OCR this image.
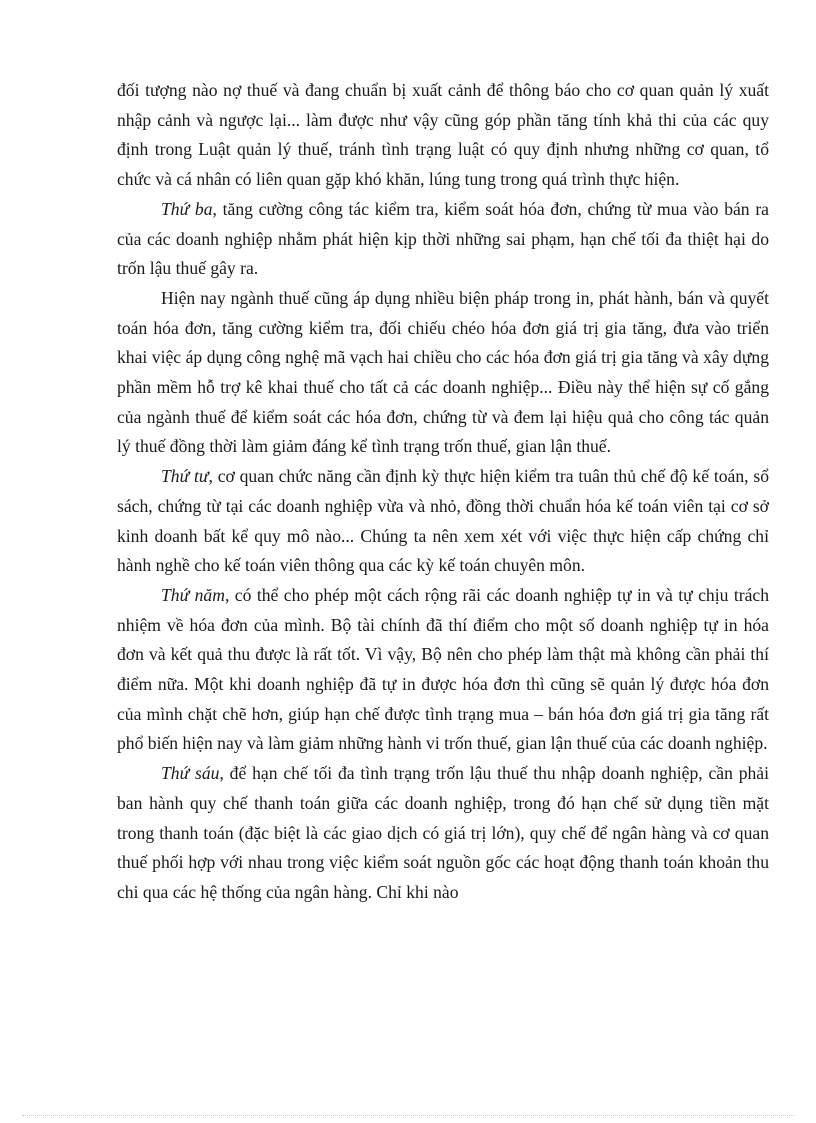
đối tượng nào nợ thuế và đang chuẩn bị xuất cảnh để thông báo cho cơ quan quản lý xuất nhập cảnh và ngược lại... làm được như vậy cũng góp phần tăng tính khả thi của các quy định trong Luật quản lý thuế, tránh tình trạng luật có quy định nhưng những cơ quan, tổ chức và cá nhân có liên quan gặp khó khăn, lúng tung trong quá trình thực hiện.

Thứ ba, tăng cường công tác kiểm tra, kiểm soát hóa đơn, chứng từ mua vào bán ra của các doanh nghiệp nhằm phát hiện kịp thời những sai phạm, hạn chế tối đa thiệt hại do trốn lậu thuế gây ra.

Hiện nay ngành thuế cũng áp dụng nhiều biện pháp trong in, phát hành, bán và quyết toán hóa đơn, tăng cường kiểm tra, đối chiếu chéo hóa đơn giá trị gia tăng, đưa vào triển khai việc áp dụng công nghệ mã vạch hai chiều cho các hóa đơn giá trị gia tăng và xây dựng phần mềm hỗ trợ kê khai thuế cho tất cả các doanh nghiệp... Điều này thể hiện sự cố gắng của ngành thuế để kiểm soát các hóa đơn, chứng từ và đem lại hiệu quả cho công tác quản lý thuế đồng thời làm giảm đáng kể tình trạng trốn thuế, gian lận thuế.

Thứ tư, cơ quan chức năng cần định kỳ thực hiện kiểm tra tuân thủ chế độ kế toán, sổ sách, chứng từ tại các doanh nghiệp vừa và nhỏ, đồng thời chuẩn hóa kế toán viên tại cơ sở kinh doanh bất kể quy mô nào... Chúng ta nên xem xét với việc thực hiện cấp chứng chỉ hành nghề cho kế toán viên thông qua các kỳ kế toán chuyên môn.

Thứ năm, có thể cho phép một cách rộng rãi các doanh nghiệp tự in và tự chịu trách nhiệm về hóa đơn của mình. Bộ tài chính đã thí điểm cho một số doanh nghiệp tự in hóa đơn và kết quả thu được là rất tốt. Vì vậy, Bộ nên cho phép làm thật mà không cần phải thí điểm nữa. Một khi doanh nghiệp đã tự in được hóa đơn thì cũng sẽ quản lý được hóa đơn của mình chặt chẽ hơn, giúp hạn chế được tình trạng mua – bán hóa đơn giá trị gia tăng rất phổ biến hiện nay và làm giảm những hành vi trốn thuế, gian lận thuế của các doanh nghiệp.

Thứ sáu, để hạn chế tối đa tình trạng trốn lậu thuế thu nhập doanh nghiệp, cần phải ban hành quy chế thanh toán giữa các doanh nghiệp, trong đó hạn chế sử dụng tiền mặt trong thanh toán (đặc biệt là các giao dịch có giá trị lớn), quy chế để ngân hàng và cơ quan thuế phối hợp với nhau trong việc kiểm soát nguồn gốc các hoạt động thanh toán khoản thu chi qua các hệ thống của ngân hàng. Chỉ khi nào
